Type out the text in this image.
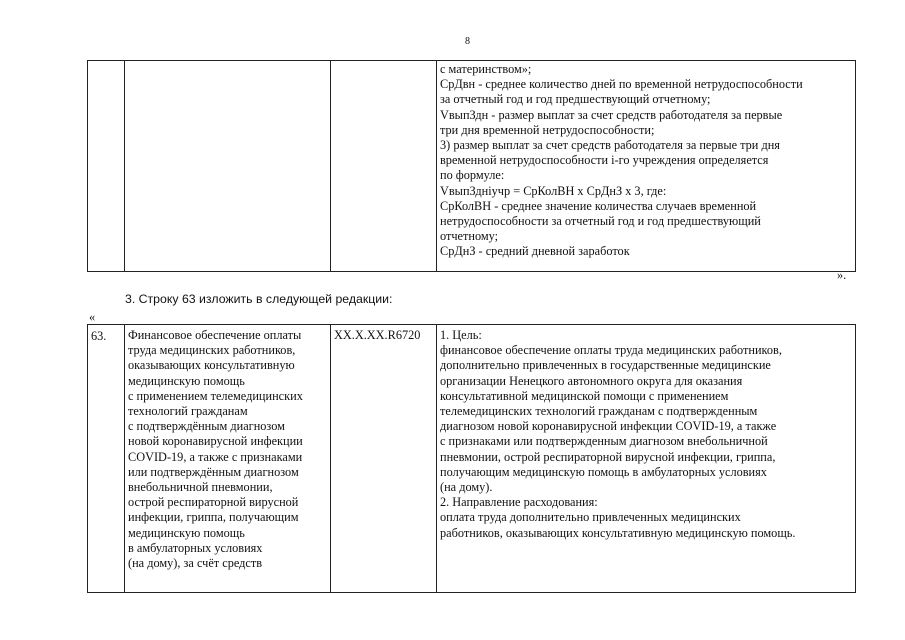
8

с материнством»;
СрДвн - среднее количество дней по временной нетрудоспособности
за отчетный год и год предшествующий отчетному;
VвыпЗдн - размер выплат за счет средств работодателя за первые
три дня временной нетрудоспособности;
3) размер выплат за счет средств работодателя за первые три дня
временной нетрудоспособности i-го учреждения определяется
по формуле:
VвыпЗднiучр = СрКолВН х СрДнЗ х 3, где:
СрКолВН - среднее значение количества случаев временной
нетрудоспособности за отчетный год и год предшествующий
отчетному;
СрДнЗ - средний дневной заработок
».
3. Строку 63 изложить в следующей редакции:
«
63.	Финансовое обеспечение оплаты
труда медицинских работников,
оказывающих консультативную
медицинскую помощь
с применением телемедицинских
технологий гражданам
с подтверждённым диагнозом
новой коронавирусной инфекции
COVID-19, а также с признаками
или подтверждённым диагнозом
внебольничной пневмонии,
острой респираторной вирусной
инфекции, гриппа, получающим
медицинскую помощь
в амбулаторных условиях
(на дому), за счёт средств
	XX.X.XX.R6720	1. Цель:
финансовое обеспечение оплаты труда медицинских работников,
дополнительно привлеченных в государственные медицинские
организации Ненецкого автономного округа для оказания
консультативной медицинской помощи с применением
телемедицинских технологий гражданам с подтвержденным
диагнозом новой коронавирусной инфекции COVID-19, а также
с признаками или подтвержденным диагнозом внебольничной
пневмонии, острой респираторной вирусной инфекции, гриппа,
получающим медицинскую помощь в амбулаторных условиях
(на дому).
2. Направление расходования:
оплата труда дополнительно привлеченных медицинских
работников, оказывающих консультативную медицинскую помощь.
